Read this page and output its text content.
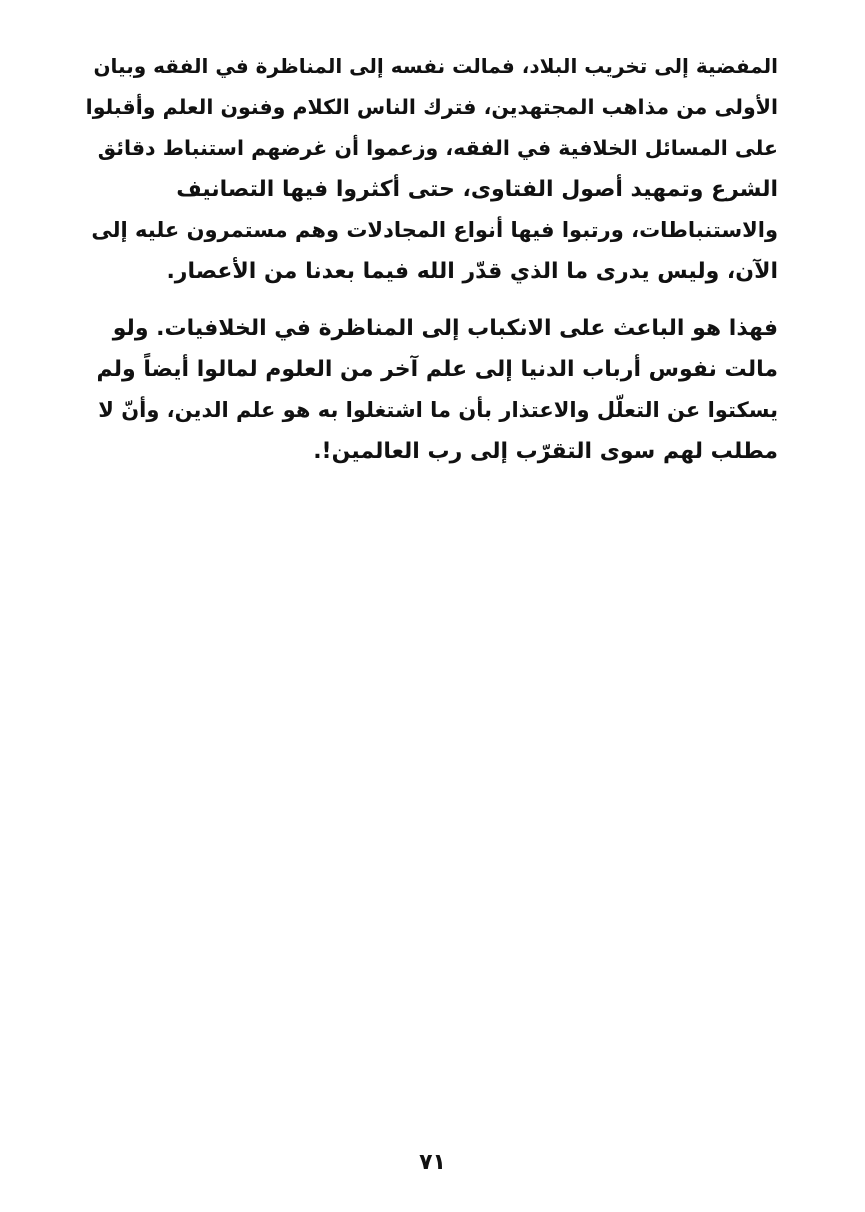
المفضية إلى تخريب البلاد، فمالت نفسه إلى المناظرة في الفقه وبيان
الأولى من مذاهب المجتهدين، فترك الناس الكلام وفنون العلم وأقبلوا
على المسائل الخلافية في الفقه، وزعموا أن غرضهم استنباط دقائق
الشرع وتمهيد أصول الفتاوى، حتى أكثروا فيها التصانيف
والاستنباطات، ورتبوا فيها أنواع المجادلات وهم مستمرون عليه إلى
الآن، وليس يدرى ما الذي قدّر الله فيما بعدنا من الأعصار.
فهذا هو الباعث على الانكباب إلى المناظرة في الخلافيات. ولو
مالت نفوس أرباب الدنيا إلى علم آخر من العلوم لمالوا أيضاً ولم
يسكتوا عن التعلّل والاعتذار بأن ما اشتغلوا به هو علم الدين، وأنّ لا
مطلب لهم سوى التقرّب إلى رب العالمين!.
٧١
